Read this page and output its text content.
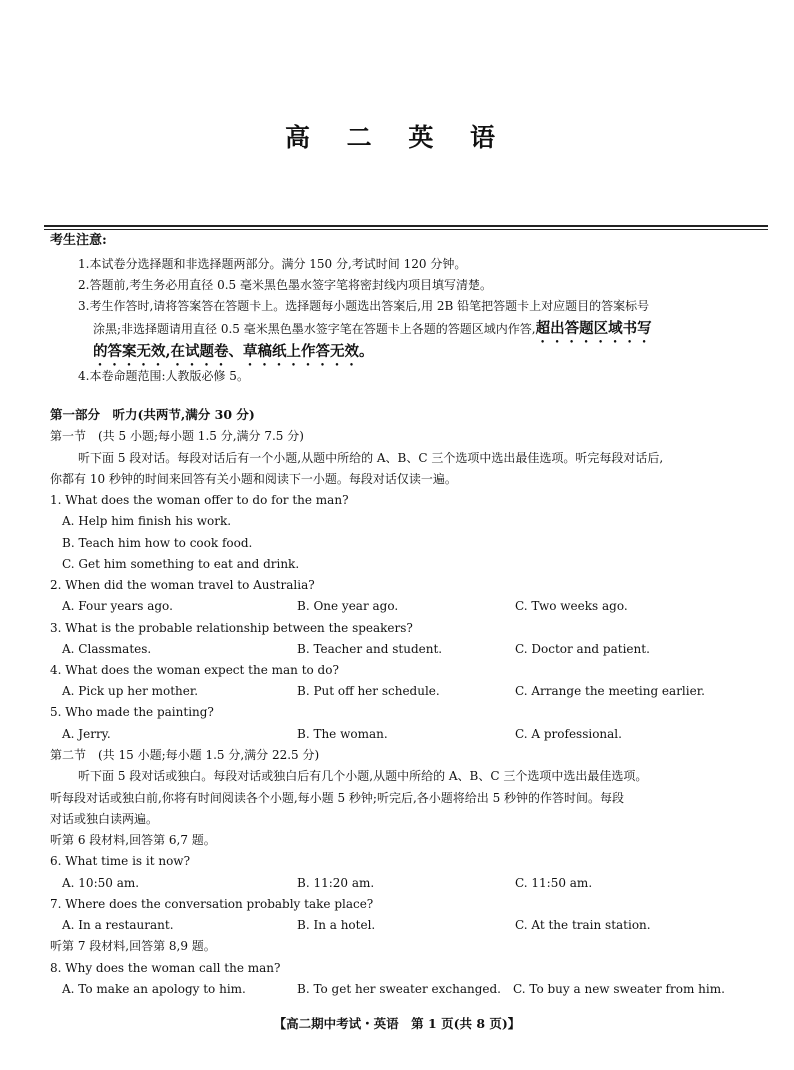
高 二 英 语
考生注意:
1.本试卷分选择题和非选择题两部分。满分 150 分,考试时间 120 分钟。
2.答题前,考生务必用直径 0.5 毫米黑色墨水签字笔将密封线内项目填写清楚。
3.考生作答时,请将答案答在答题卡上。选择题每小题选出答案后,用 2B 铅笔把答题卡上对应题目的答案标号
涂黑;非选择题请用直径 0.5 毫米黑色墨水签字笔在答题卡上各题的答题区域内作答,超出答题区域书写
的答案无效,在试题卷、草稿纸上作答无效。
4.本卷命题范围:人教版必修 5。
第一部分　听力(共两节,满分 30 分)
第一节　(共 5 小题;每小题 1.5 分,满分 7.5 分)
听下面 5 段对话。每段对话后有一个小题,从题中所给的 A、B、C 三个选项中选出最佳选项。听完每段对话后,
你都有 10 秒钟的时间来回答有关小题和阅读下一小题。每段对话仅读一遍。
1. What does the woman offer to do for the man?
A. Help him finish his work.
B. Teach him how to cook food.
C. Get him something to eat and drink.
2. When did the woman travel to Australia?
A. Four years ago.	B. One year ago.	C. Two weeks ago.
3. What is the probable relationship between the speakers?
A. Classmates.	B. Teacher and student.	C. Doctor and patient.
4. What does the woman expect the man to do?
A. Pick up her mother.	B. Put off her schedule.	C. Arrange the meeting earlier.
5. Who made the painting?
A. Jerry.	B. The woman.	C. A professional.
第二节　(共 15 小题;每小题 1.5 分,满分 22.5 分)
听下面 5 段对话或独白。每段对话或独白后有几个小题,从题中所给的 A、B、C 三个选项中选出最佳选项。
听每段对话或独白前,你将有时间阅读各个小题,每小题 5 秒钟;听完后,各小题将给出 5 秒钟的作答时间。每段
对话或独白读两遍。
听第 6 段材料,回答第 6,7 题。
6. What time is it now?
A. 10:50 am.	B. 11:20 am.	C. 11:50 am.
7. Where does the conversation probably take place?
A. In a restaurant.	B. In a hotel.	C. At the train station.
听第 7 段材料,回答第 8,9 题。
8. Why does the woman call the man?
A. To make an apology to him.	B. To get her sweater exchanged. C. To buy a new sweater from him.
【高二期中考试・英语　第 1 页(共 8 页)】
